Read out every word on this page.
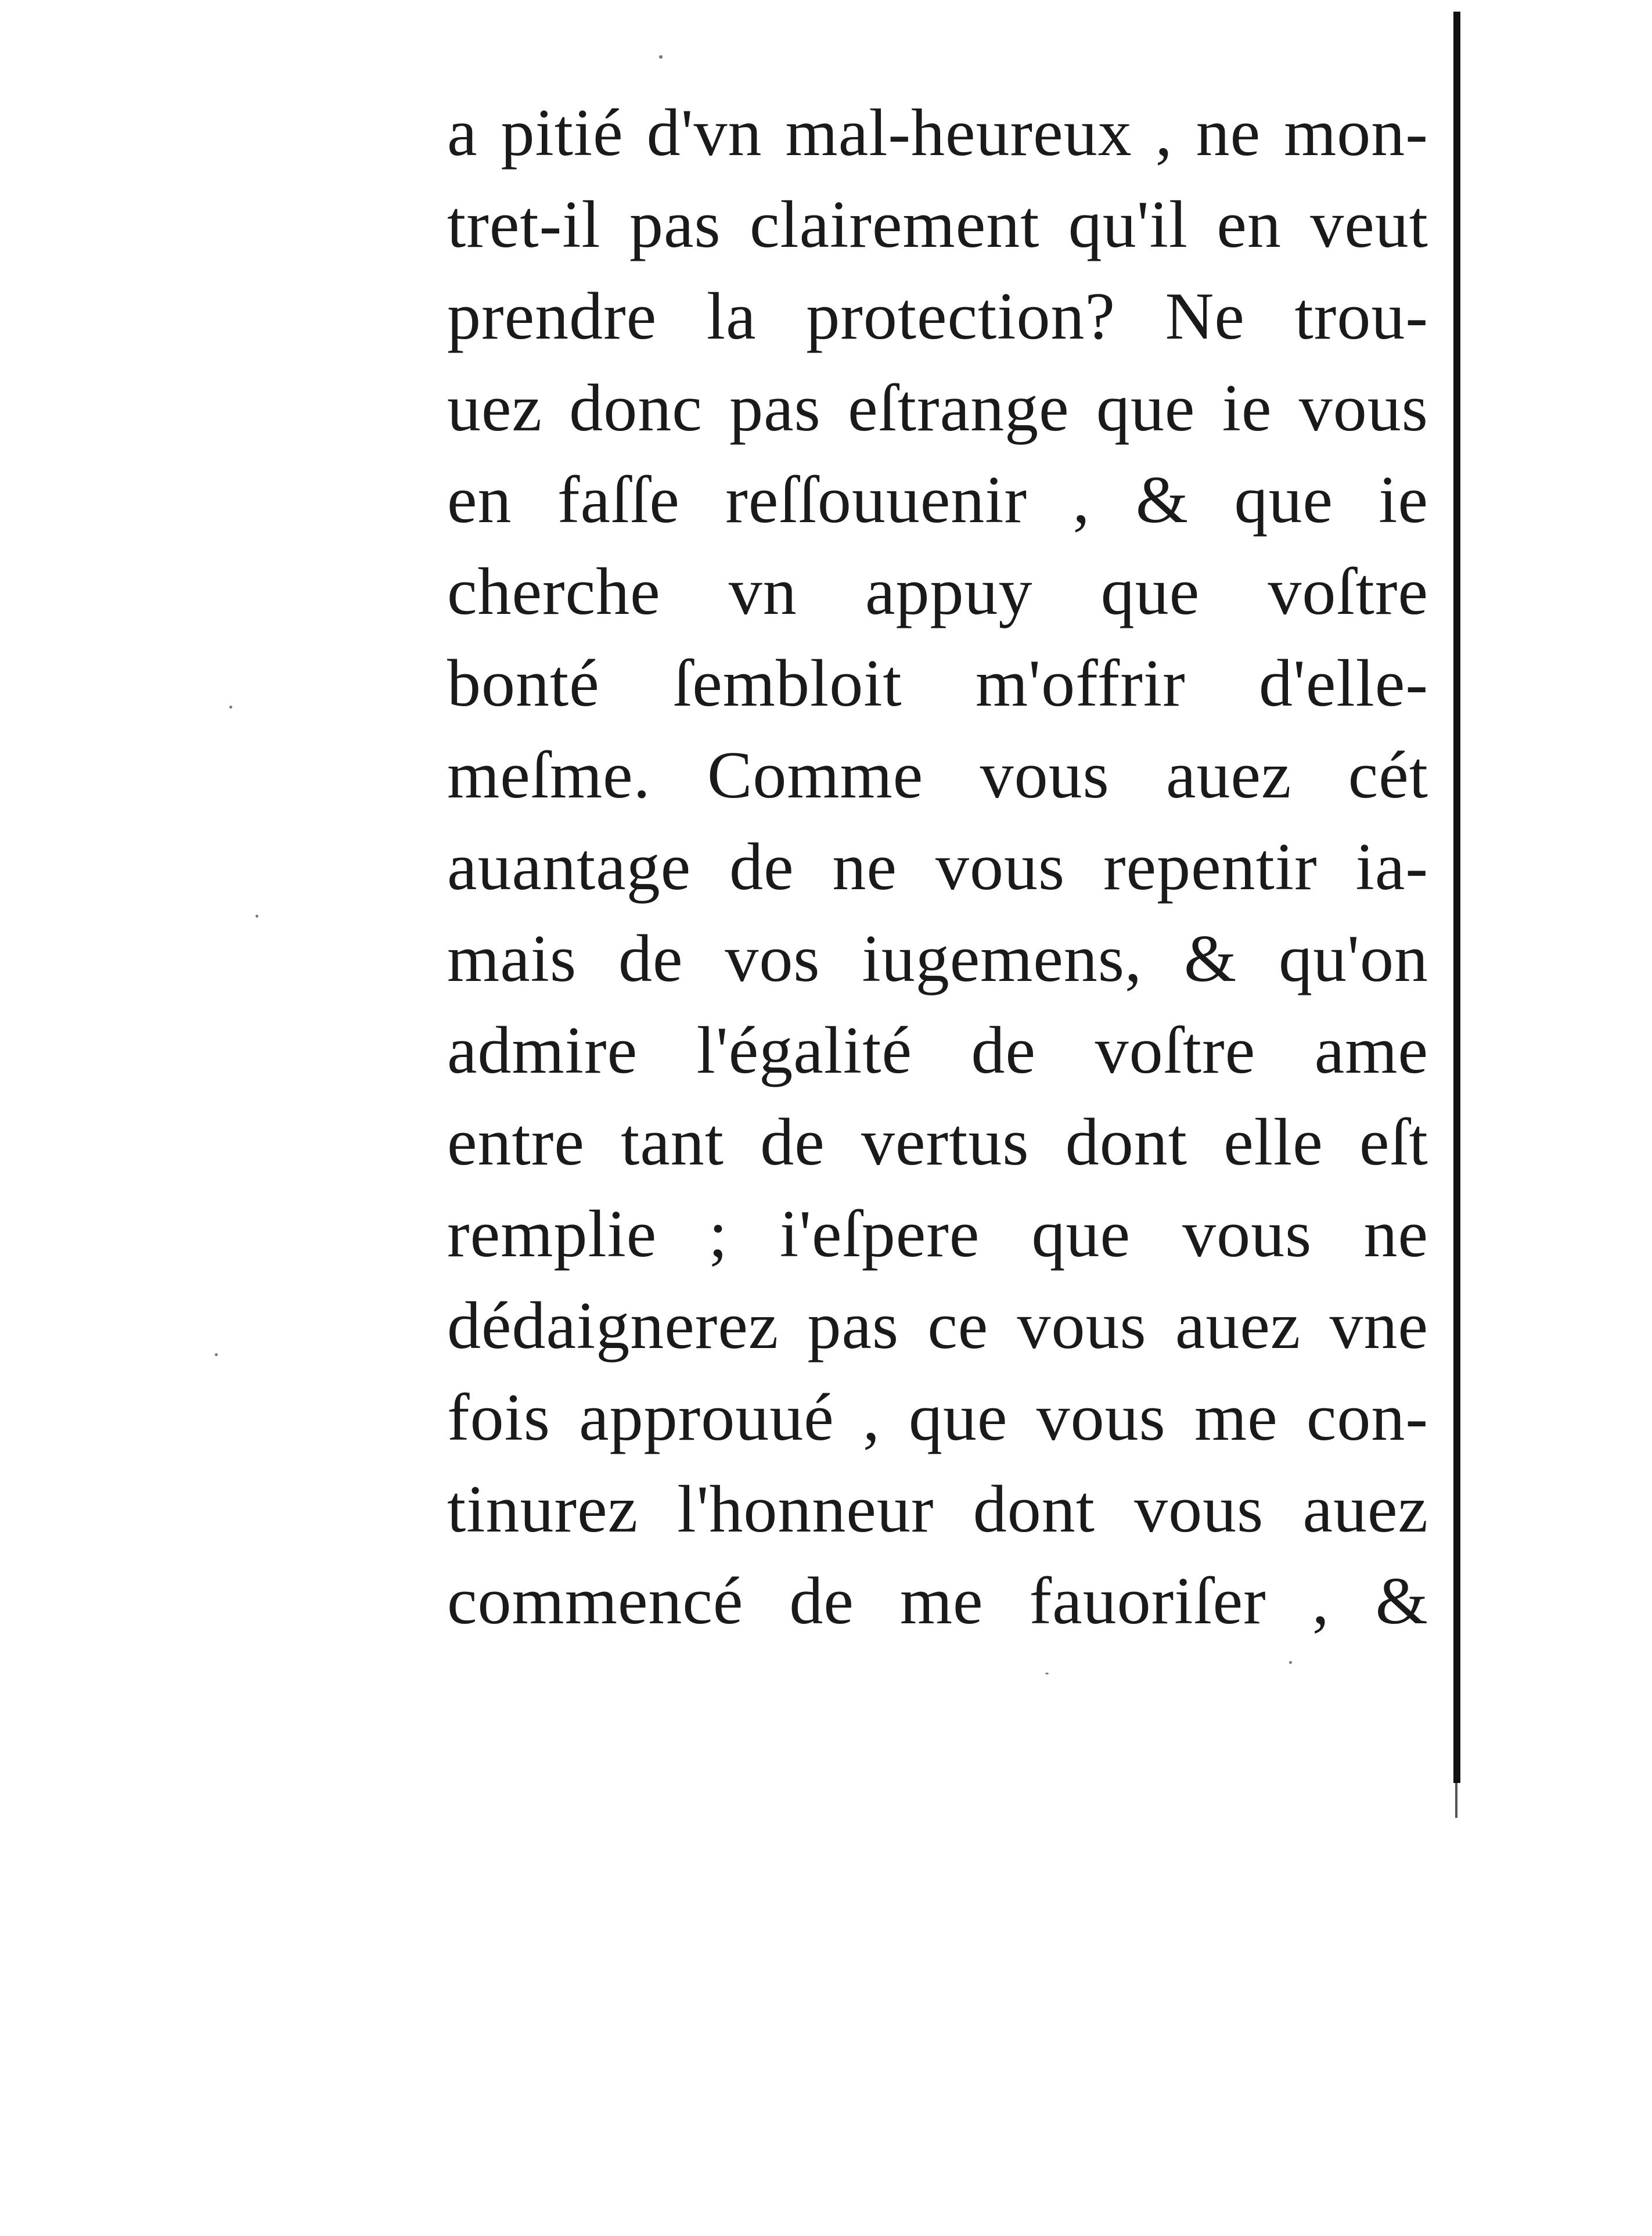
a pitié d'vn mal-heureux , ne mon-
tret-il pas clairement qu'il en veut
prendre la protection? Ne trou-
uez donc pas eſtrange que ie vous
en faſſe reſſouuenir , & que ie
cherche vn appuy que voſtre
bonté ſembloit m'offrir d'elle-
meſme. Comme vous auez cét
auantage de ne vous repentir ia-
mais de vos iugemens, & qu'on
admire l'égalité de voſtre ame
entre tant de vertus dont elle eſt
remplie ; i'eſpere que vous ne
dédaignerez pas ce vous auez vne
fois approuué , que vous me con-
tinurez l'honneur dont vous auez
commencé de me fauoriſer , &
